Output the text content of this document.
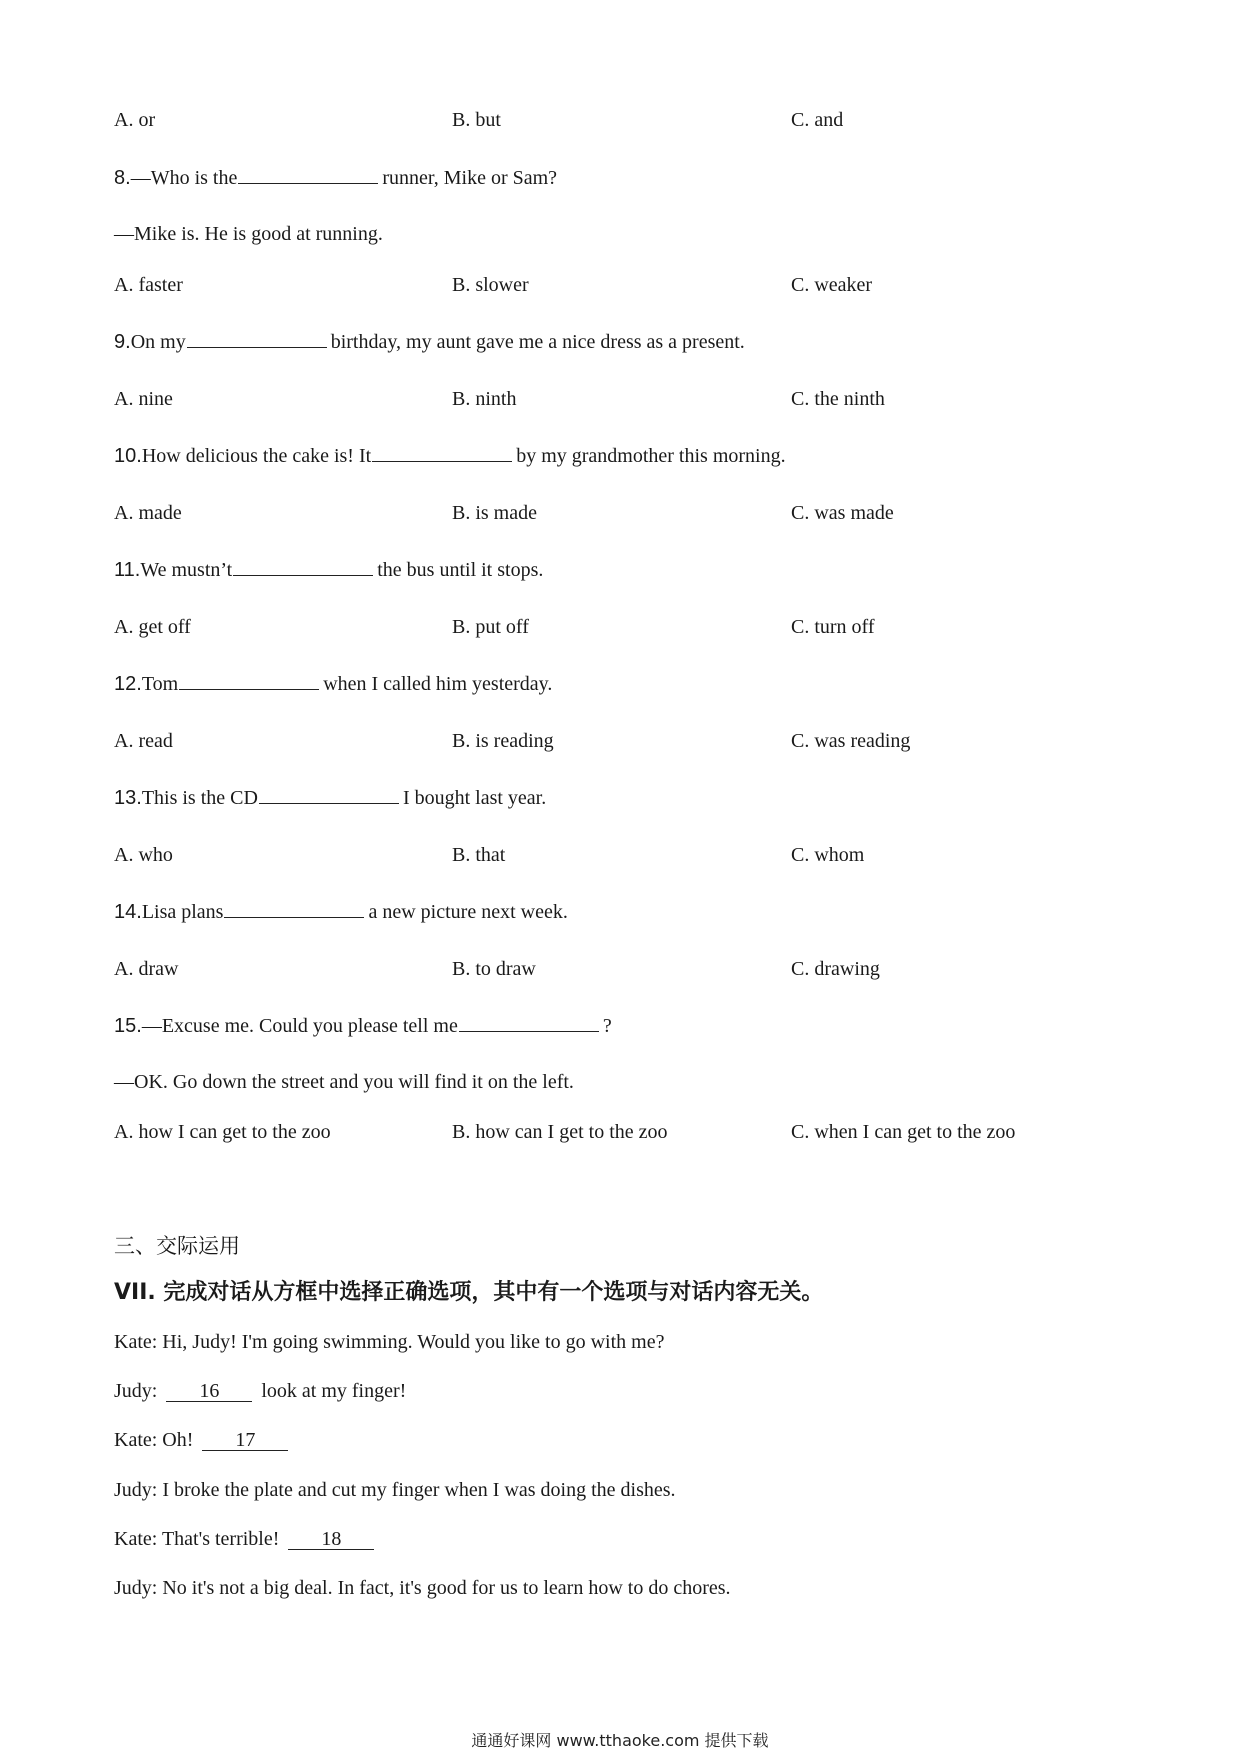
A. or	B. but	C. and
8.—Who is the	runner, Mike or Sam?
—Mike is. He is good at running.
A. faster	B. slower	C. weaker
9.On my	birthday, my aunt gave me a nice dress as a present.
A. nine	B. ninth	C. the ninth
10.How delicious the cake is! It	by my grandmother this morning.
A. made	B. is made	C. was made
11.We mustn’t	the bus until it stops.
A. get off	B. put off	C. turn off
12.Tom	when I called him yesterday.
A. read	B. is reading	C. was reading
13.This is the CD	I bought last year.
A. who	B. that	C. whom
14.Lisa plans	a new picture next week.
A. draw	B. to draw	C. drawing
15.—Excuse me. Could you please tell me	?
—OK. Go down the street and you will find it on the left.
A. how I can get to the zoo	B. how can I get to the zoo	C. when I can get to the zoo
三、交际运用
VII. 完成对话从方框中选择正确选项，其中有一个选项与对话内容无关。
Kate: Hi, Judy! I'm going swimming. Would you like to go with me?
Judy: 16 look at my finger!
Kate: Oh! 17
Judy: I broke the plate and cut my finger when I was doing the dishes.
Kate: That's terrible! 18
Judy: No it's not a big deal. In fact, it's good for us to learn how to do chores.
通通好课网 www.tthaoke.com 提供下载
